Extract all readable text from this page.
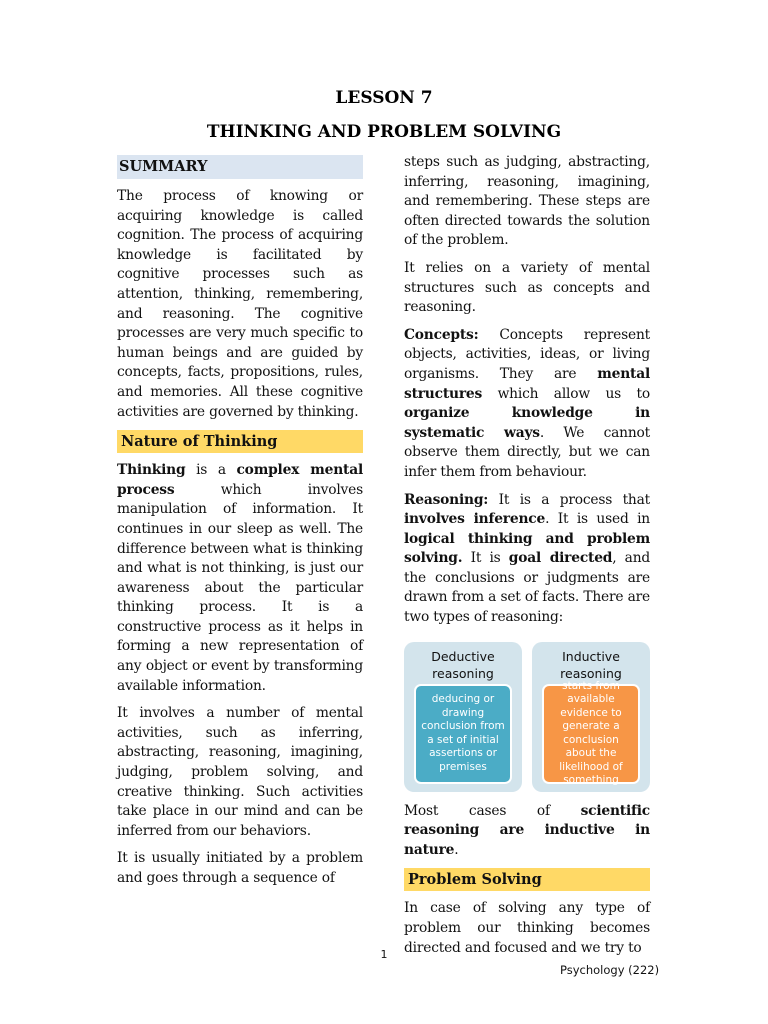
LESSON 7
THINKING AND PROBLEM SOLVING
SUMMARY

The process of knowing or acquiring knowledge is called cognition. The process of acquiring knowledge is facilitated by cognitive processes such as attention, thinking, remembering, and reasoning. The cognitive processes are very much specific to human beings and are guided by concepts, facts, propositions, rules, and memories. All these cognitive activities are governed by thinking.

Nature of Thinking

Thinking is a complex mental process which involves manipulation of information. It continues in our sleep as well. The difference between what is thinking and what is not thinking, is just our awareness about the particular thinking process. It is a constructive process as it helps in forming a new representation of any object or event by transforming available information.

It involves a number of mental activities, such as inferring, abstracting, reasoning, imagining, judging, problem solving, and creative thinking. Such activities take place in our mind and can be inferred from our behaviors.

It is usually initiated by a problem and goes through a sequence of

steps such as judging, abstracting, inferring, reasoning, imagining, and remembering. These steps are often directed towards the solution of the problem.

It relies on a variety of mental structures such as concepts and reasoning.

Concepts: Concepts represent objects, activities, ideas, or living organisms. They are mental structures which allow us to organize knowledge in systematic ways. We cannot observe them directly, but we can infer them from behaviour.

Reasoning: It is a process that involves inference. It is used in logical thinking and problem solving. It is goal directed, and the conclusions or judgments are drawn from a set of facts. There are two types of reasoning:

Deductive reasoning
deducing or drawing conclusion from a set of initial assertions or premises
Inductive reasoning
starts from available evidence to generate a conclusion about the likelihood of something

Most cases of scientific reasoning are inductive in nature.

Problem Solving

In case of solving any type of problem our thinking becomes directed and focused and we try to

1
Psychology (222)
